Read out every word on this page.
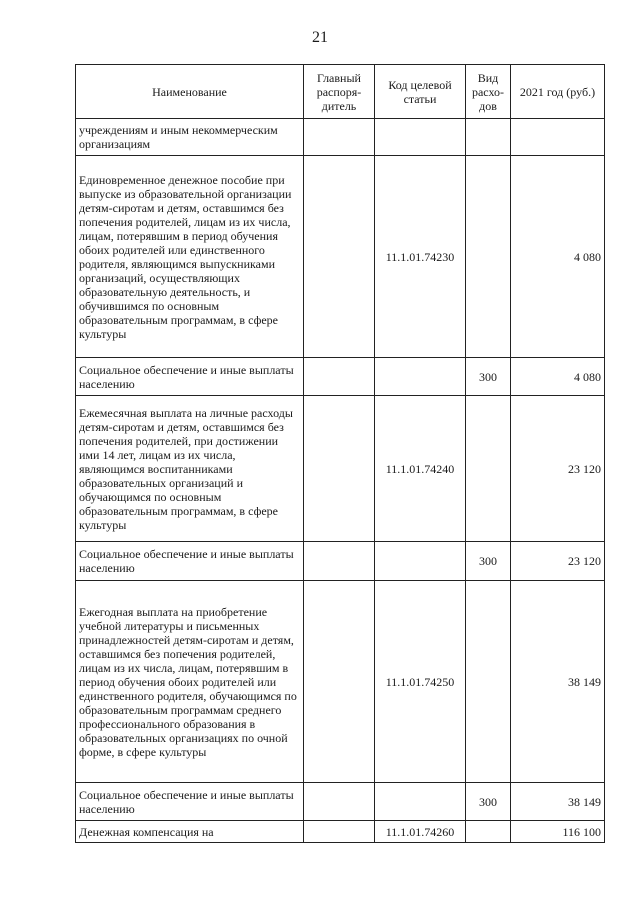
21
Наименование	Главный распоря-дитель	Код целевой статьи	Вид расхо-дов	2021 год (руб.)
учреждениям и иным некоммерческим организациям				
Единовременное денежное пособие при выпуске из образовательной организации детям-сиротам и детям, оставшимся без попечения родителей, лицам из их числа, лицам, потерявшим в период обучения обоих родителей или единственного родителя, являющимся выпускниками организаций, осуществляющих образовательную деятельность, и обучившимся по основным образовательным программам, в сфере культуры		11.1.01.74230		4 080
Социальное обеспечение и иные выплаты населению			300	4 080
Ежемесячная выплата на личные расходы детям-сиротам и детям, оставшимся без попечения родителей, при достижении ими 14 лет, лицам из их числа, являющимся воспитанниками образовательных организаций и обучающимся по основным образовательным программам, в сфере культуры		11.1.01.74240		23 120
Социальное обеспечение и иные выплаты населению			300	23 120
Ежегодная выплата на приобретение учебной литературы и письменных принадлежностей детям-сиротам и детям, оставшимся без попечения родителей, лицам из их числа, лицам, потерявшим в период обучения обоих родителей или единственного родителя, обучающимся по образовательным программам среднего профессионального образования в образовательных организациях по очной форме, в сфере культуры		11.1.01.74250		38 149
Социальное обеспечение и иные выплаты населению			300	38 149
Денежная компенсация на		11.1.01.74260		116 100
